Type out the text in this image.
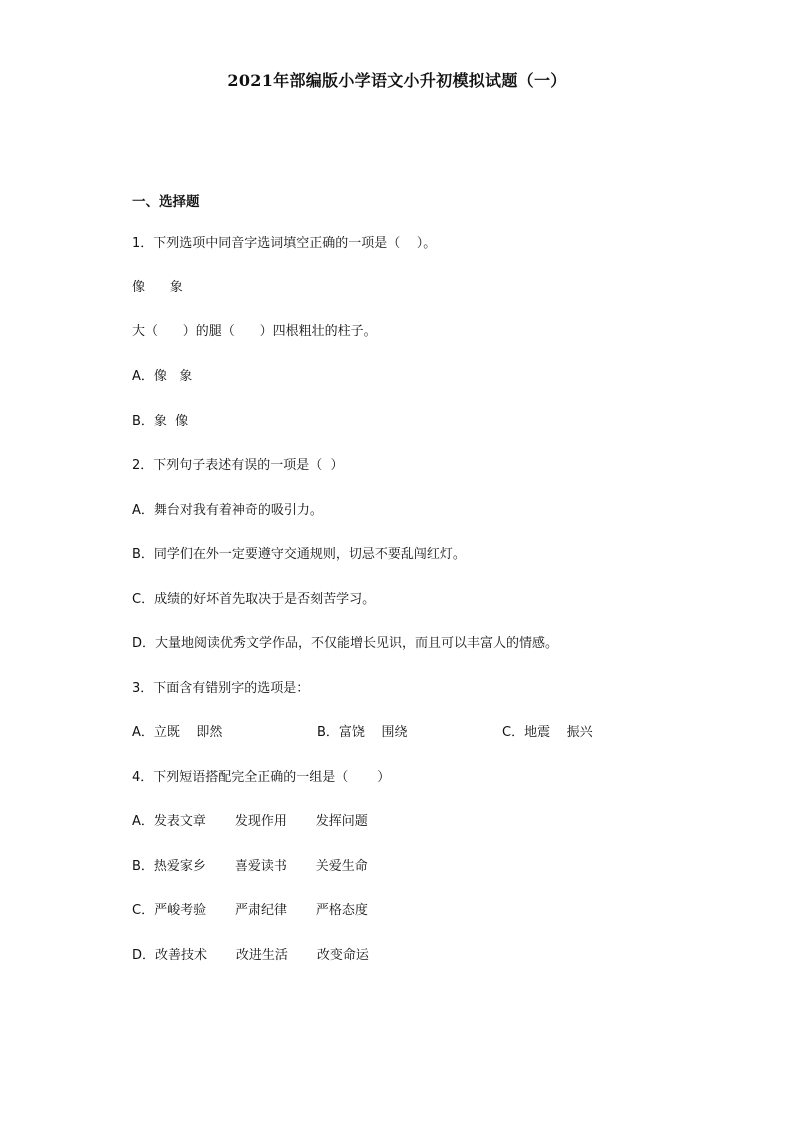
2021年部编版小学语文小升初模拟试题（一）
一、选择题
1．下列选项中同音字选词填空正确的一项是（    ）。
像      象
大（      ）的腿（      ）四根粗壮的柱子。
A．像   象
B．象  像
2．下列句子表述有误的一项是（  ）
A．舞台对我有着神奇的吸引力。
B．同学们在外一定要遵守交通规则，切忌不要乱闯红灯。
C．成绩的好坏首先取决于是否刻苦学习。
D．大量地阅读优秀文学作品，不仅能增长见识，而且可以丰富人的情感。
3．下面含有错别字的选项是：
A．立既    即然	B．富饶    围绕	C．地震    振兴
4．下列短语搭配完全正确的一组是（       ）
A．发表文章       发现作用       发挥问题
B．热爱家乡       喜爱读书       关爱生命
C．严峻考验       严肃纪律       严格态度
D．改善技术       改进生活       改变命运
